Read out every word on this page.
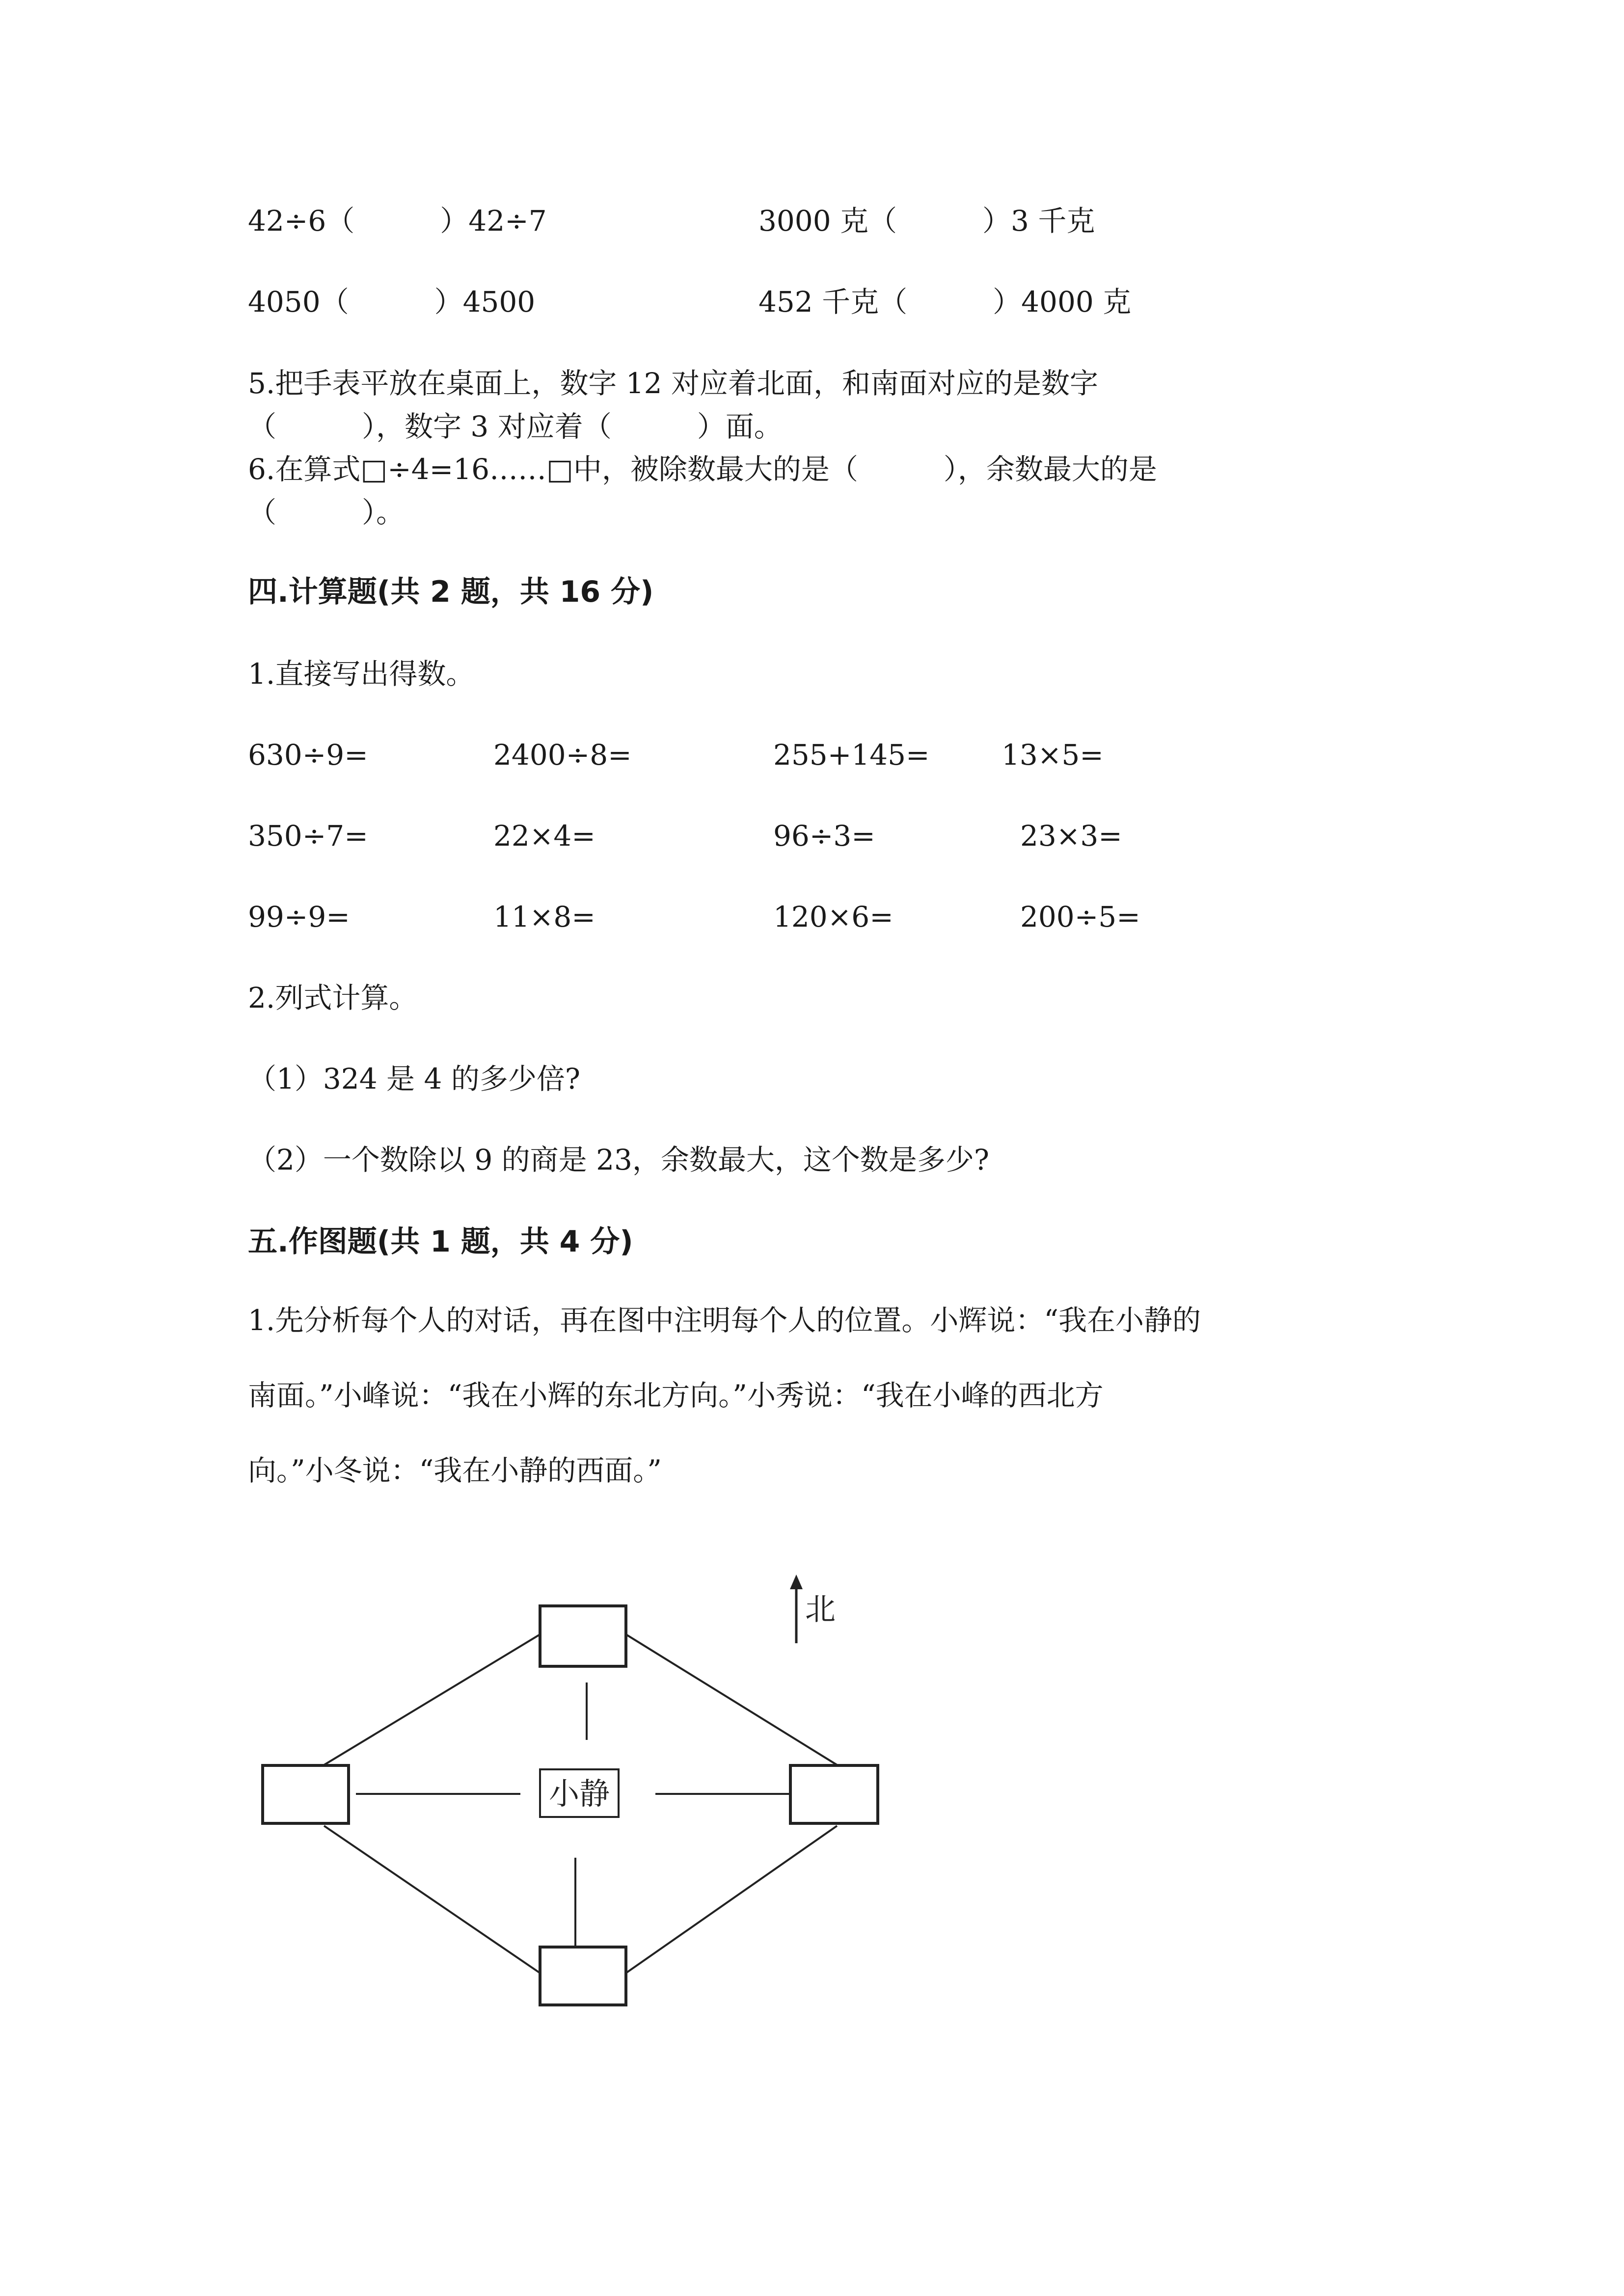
42÷6（　　　）42÷7	3000 克（　　　）3 千克
4050（　　　）4500	452 千克（　　　）4000 克
5.把手表平放在桌面上，数字 12 对应着北面，和南面对应的是数字
（　　　），数字 3 对应着（　　　）面。
6.在算式□÷4=16……□中，被除数最大的是（　　　），余数最大的是
（　　　）。
四.计算题(共 2 题，共 16 分)
1.直接写出得数。
630÷9=	2400÷8=	255+145=	13×5=
350÷7=	22×4=	96÷3=	23×3=
99÷9=	11×8=	120×6=	200÷5=
2.列式计算。
（1）324 是 4 的多少倍?
（2）一个数除以 9 的商是 23，余数最大，这个数是多少?
五.作图题(共 1 题，共 4 分)
1.先分析每个人的对话，再在图中注明每个人的位置。小辉说：“我在小静的
南面。”小峰说：“我在小辉的东北方向。”小秀说：“我在小峰的西北方
向。”小冬说：“我在小静的西面。”
小静
北
